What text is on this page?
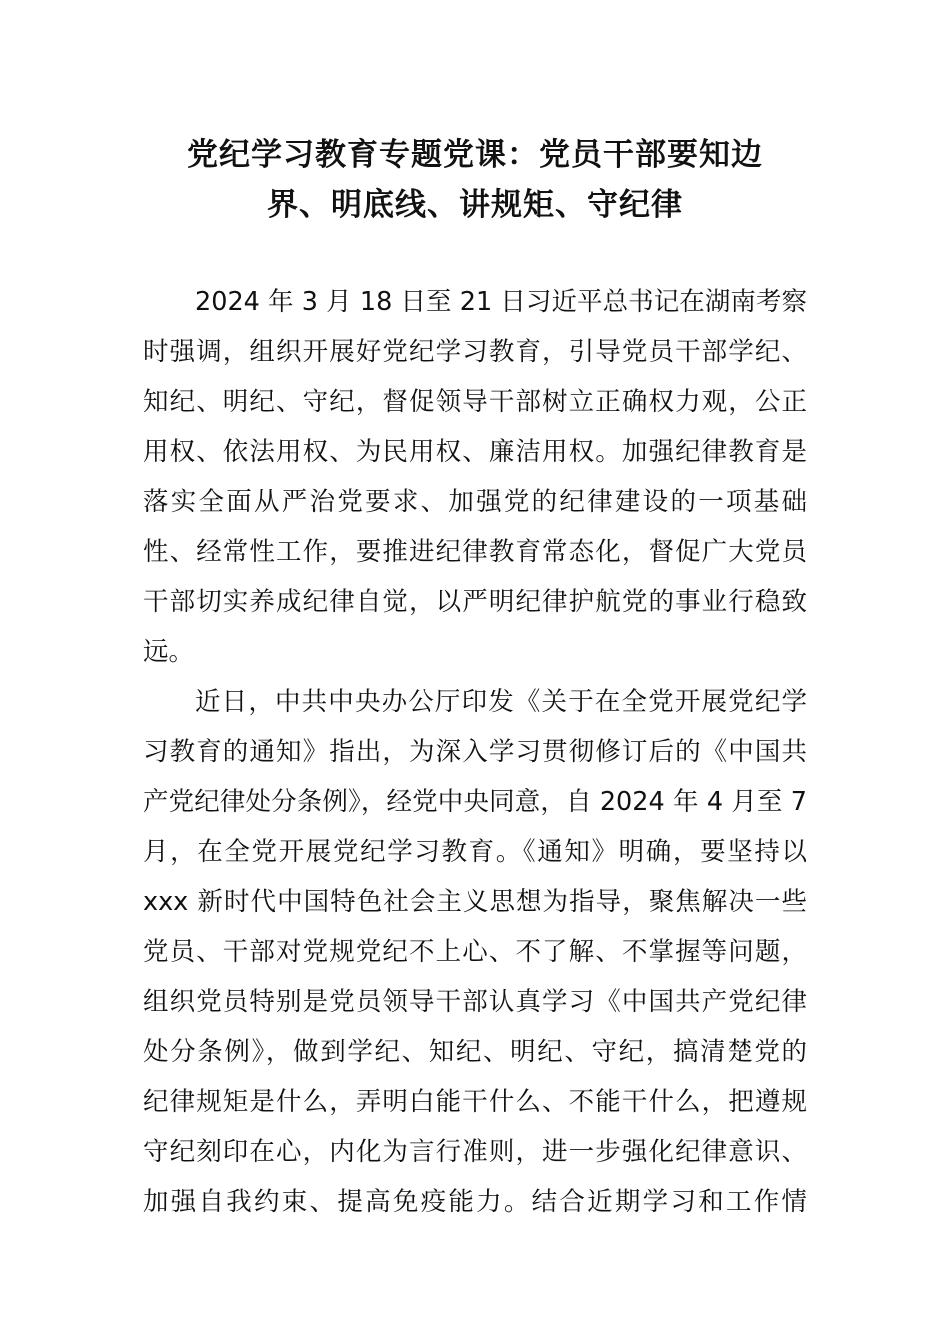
党纪学习教育专题党课：党员干部要知边
界、明底线、讲规矩、守纪律

2024 年 3 月 18 日至 21 日习近平总书记在湖南考察

时强调，组织开展好党纪学习教育，引导党员干部学纪、

知纪、明纪、守纪，督促领导干部树立正确权力观，公正

用权、依法用权、为民用权、廉洁用权。加强纪律教育是

落实全面从严治党要求、加强党的纪律建设的一项基础

性、经常性工作，要推进纪律教育常态化，督促广大党员

干部切实养成纪律自觉，以严明纪律护航党的事业行稳致

远。

近日，中共中央办公厅印发《关于在全党开展党纪学

习教育的通知》指出，为深入学习贯彻修订后的《中国共

产党纪律处分条例》，经党中央同意，自 2024 年 4 月至 7

月，在全党开展党纪学习教育。《通知》明确，要坚持以

xxx 新时代中国特色社会主义思想为指导，聚焦解决一些

党员、干部对党规党纪不上心、不了解、不掌握等问题，

组织党员特别是党员领导干部认真学习《中国共产党纪律

处分条例》，做到学纪、知纪、明纪、守纪，搞清楚党的

纪律规矩是什么，弄明白能干什么、不能干什么，把遵规

守纪刻印在心，内化为言行准则，进一步强化纪律意识、

加强自我约束、提高免疫能力。结合近期学习和工作情
